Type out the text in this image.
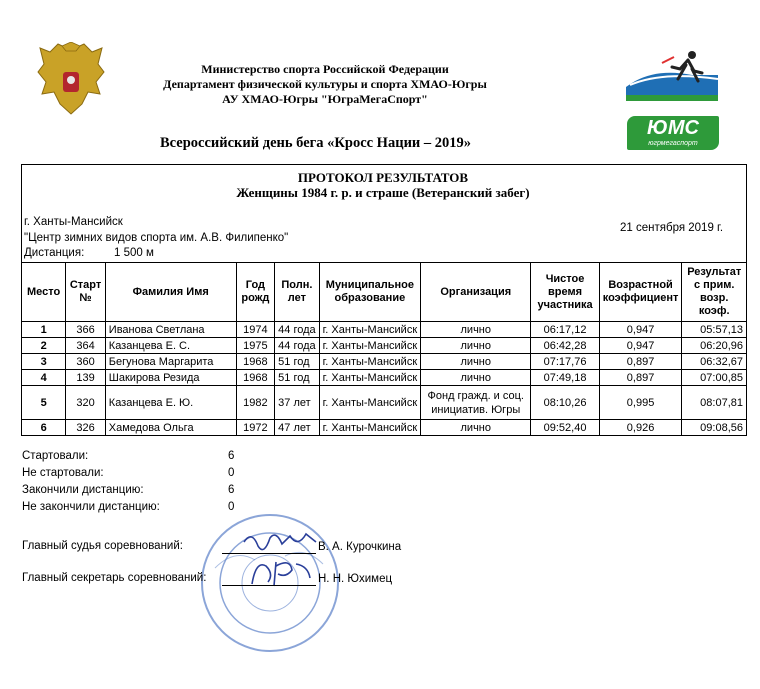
Министерство спорта Российской Федерации
Департамент физической культуры и спорта ХМАО-Югры
АУ ХМАО-Югры "ЮграМегаСпорт"
ЮМС
югрмегаспорт
Всероссийский день бега «Кросс Нации – 2019»
ПРОТОКОЛ РЕЗУЛЬТАТОВ
Женщины 1984 г. р. и страше (Ветеранский забег)
г. Ханты-Мансийск	21 сентября 2019 г.
"Центр зимних видов спорта им. А.В. Филипенко"
Дистанция:	1 500 м
Место	Старт №	Фамилия Имя	Год рожд	Полн. лет	Муниципальное образование	Организация	Чистое время участника	Возрастной коэффициент	Результат с прим. возр. коэф.
1	366	Иванова Светлана	1974	44 года	г. Ханты-Мансийск	лично	06:17,12	0,947	05:57,13
2	364	Казанцева Е. С.	1975	44 года	г. Ханты-Мансийск	лично	06:42,28	0,947	06:20,96
3	360	Бегунова Маргарита	1968	51 год	г. Ханты-Мансийск	лично	07:17,76	0,897	06:32,67
4	139	Шакирова Резида	1968	51 год	г. Ханты-Мансийск	лично	07:49,18	0,897	07:00,85
5	320	Казанцева Е. Ю.	1982	37 лет	г. Ханты-Мансийск	Фонд гражд. и соц. инициатив. Югры	08:10,26	0,995	08:07,81
6	326	Хамедова Ольга	1972	47 лет	г. Ханты-Мансийск	лично	09:52,40	0,926	09:08,56
Стартовали:	6
Не стартовали:	0
Закончили дистанцию:	6
Не закончили дистанцию:	0
Главный судья соревнований:	В. А. Курочкина
Главный секретарь соревнований:	Н. Н. Юхимец
